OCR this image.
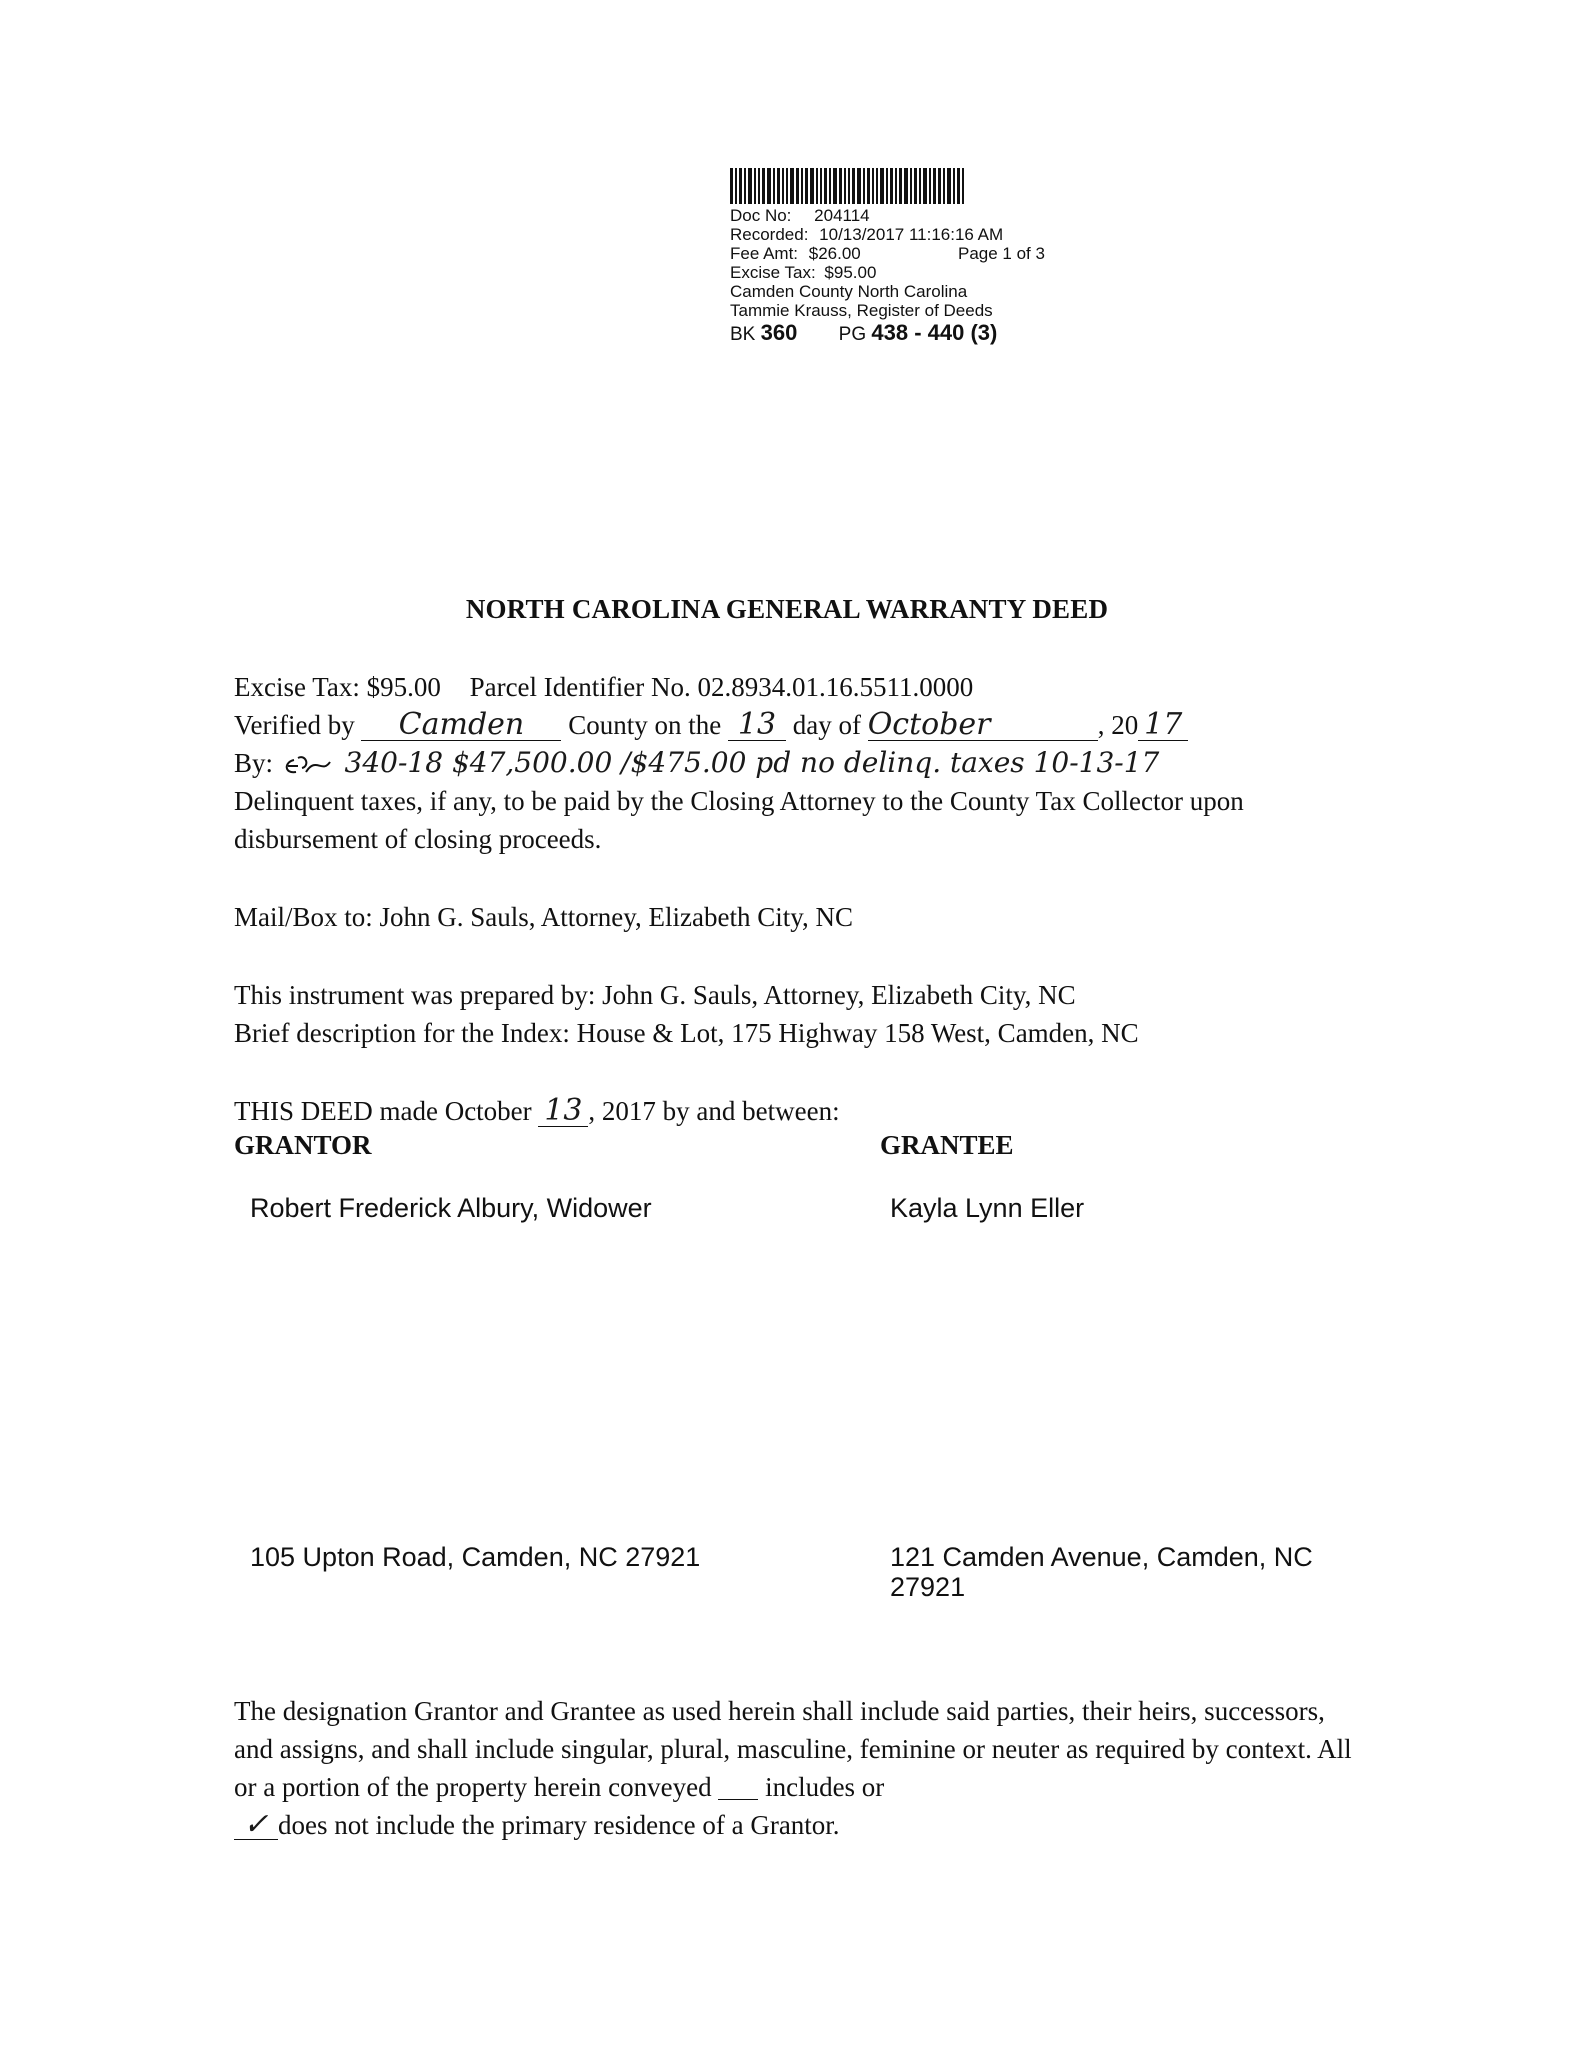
Doc No: 204114
Recorded: 10/13/2017 11:16:16 AM
Fee Amt: $26.00	Page 1 of 3
Excise Tax: $95.00
Camden County North Carolina
Tammie Krauss, Register of Deeds
BK 360 PG 438 - 440 (3)
NORTH CAROLINA GENERAL WARRANTY DEED
Excise Tax: $95.00 Parcel Identifier No. 02.8934.01.16.5511.0000
Verified by Camden County on the 13 day of October	, 20 17
By:	340-18 $47,500.00 /$475.00 pd no delinq. taxes 10-13-17
Delinquent taxes, if any, to be paid by the Closing Attorney to the County Tax Collector upon disbursement of closing proceeds.
Mail/Box to: John G. Sauls, Attorney, Elizabeth City, NC
This instrument was prepared by: John G. Sauls, Attorney, Elizabeth City, NC
Brief description for the Index: House & Lot, 175 Highway 158 West, Camden, NC
THIS DEED made October 13 , 2017 by and between:
GRANTOR	GRANTEE
Robert Frederick Albury, Widower	Kayla Lynn Eller
105 Upton Road, Camden, NC 27921	121 Camden Avenue, Camden, NC 27921
The designation Grantor and Grantee as used herein shall include said parties, their heirs, successors, and assigns, and shall include singular, plural, masculine, feminine or neuter as required by context. All or a portion of the property herein conveyed includes or
✓ does not include the primary residence of a Grantor.
